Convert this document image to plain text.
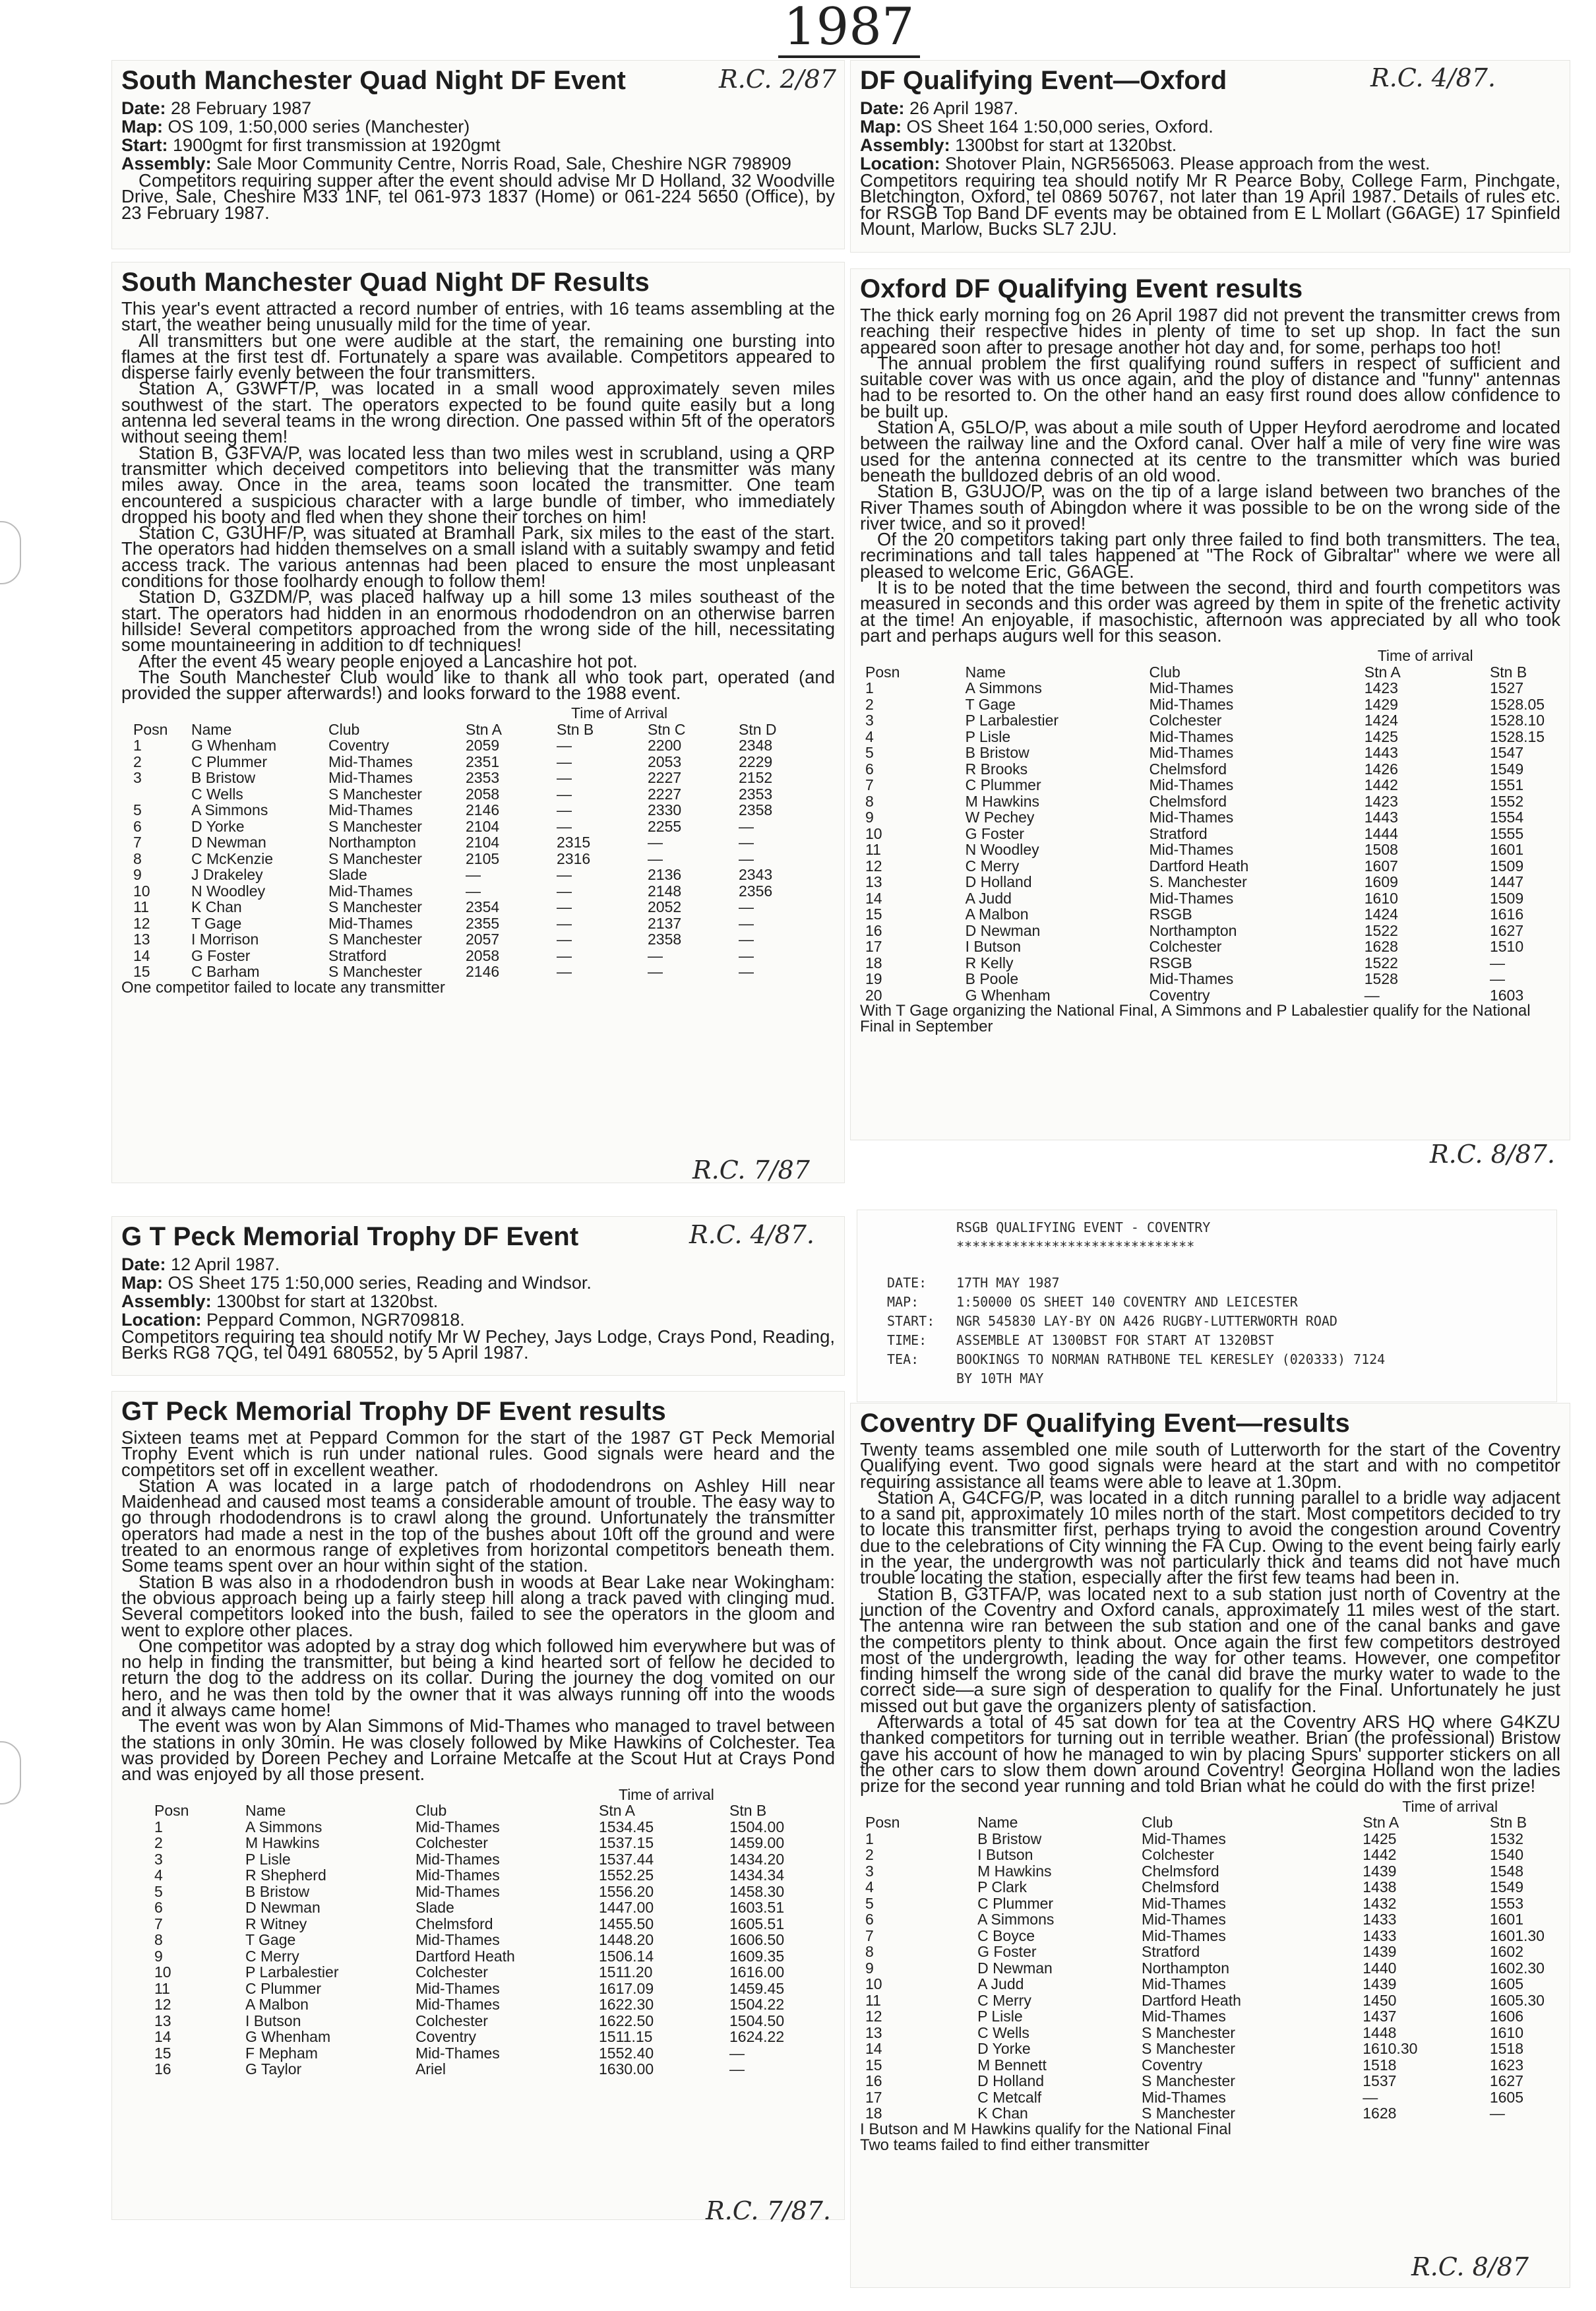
1987
South Manchester Quad Night DF Event
Date: 28 February 1987
Map: OS 109, 1:50,000 series (Manchester)
Start: 1900gmt for first transmission at 1920gmt
Assembly: Sale Moor Community Centre, Norris Road, Sale, Cheshire NGR 798909

Competitors requiring supper after the event should advise Mr D Holland, 32 Woodville Drive, Sale, Cheshire M33 1NF, tel 061-973 1837 (Home) or 061-224 5650 (Office), by 23 February 1987.

R.C. 2/87 DF Qualifying Event—Oxford
Date: 26 April 1987.
Map: OS Sheet 164 1:50,000 series, Oxford.
Assembly: 1300bst for start at 1320bst.
Location: Shotover Plain, NGR565063. Please approach from the west.

Competitors requiring tea should notify Mr R Pearce Boby, College Farm, Pinchgate, Bletchington, Oxford, tel 0869 50767, not later than 19 April 1987. Details of rules etc. for RSGB Top Band DF events may be obtained from E L Mollart (G6AGE) 17 Spinfield Mount, Marlow, Bucks SL7 2JU.

R.C. 4/87.
South Manchester Quad Night DF Results

This year's event attracted a record number of entries, with 16 teams assembling at the start, the weather being unusually mild for the time of year.

All transmitters but one were audible at the start, the remaining one bursting into flames at the first test df. Fortunately a spare was available. Competitors appeared to disperse fairly evenly between the four transmitters.

Station A, G3WFT/P, was located in a small wood approximately seven miles southwest of the start. The operators expected to be found quite easily but a long antenna led several teams in the wrong direction. One passed within 5ft of the operators without seeing them!

Station B, G3FVA/P, was located less than two miles west in scrubland, using a QRP transmitter which deceived competitors into believing that the transmitter was many miles away. Once in the area, teams soon located the transmitter. One team encountered a suspicious character with a large bundle of timber, who immediately dropped his booty and fled when they shone their torches on him!

Station C, G3UHF/P, was situated at Bramhall Park, six miles to the east of the start. The operators had hidden themselves on a small island with a suitably swampy and fetid access track. The various antennas had been placed to ensure the most unpleasant conditions for those foolhardy enough to follow them!

Station D, G3ZDM/P, was placed halfway up a hill some 13 miles southeast of the start. The operators had hidden in an enormous rhododendron on an otherwise barren hillside! Several competitors approached from the wrong side of the hill, necessitating some mountaineering in addition to df techniques!

After the event 45 weary people enjoyed a Lancashire hot pot.

The South Manchester Club would like to thank all who took part, operated (and provided the supper afterwards!) and looks forward to the 1988 event.

			Time of Arrival			
Posn	Name	Club	Stn A	Stn B	Stn C	Stn D
1	G Whenham	Coventry	2059	—	2200	2348
2	C Plummer	Mid-Thames	2351	—	2053	2229
3	B Bristow	Mid-Thames	2353	—	2227	2152
	C Wells	S Manchester	2058	—	2227	2353
5	A Simmons	Mid-Thames	2146	—	2330	2358
6	D Yorke	S Manchester	2104	—	2255	—
7	D Newman	Northampton	2104	2315	—	—
8	C McKenzie	S Manchester	2105	2316	—	—
9	J Drakeley	Slade	—	—	2136	2343
10	N Woodley	Mid-Thames	—	—	2148	2356
11	K Chan	S Manchester	2354	—	2052	—
12	T Gage	Mid-Thames	2355	—	2137	—
13	I Morrison	S Manchester	2057	—	2358	—
14	G Foster	Stratford	2058	—	—	—
15	C Barham	S Manchester	2146	—	—	—
One competitor failed to locate any transmitter
R.C. 7/87
Oxford DF Qualifying Event results

The thick early morning fog on 26 April 1987 did not prevent the transmitter crews from reaching their respective hides in plenty of time to set up shop. In fact the sun appeared soon after to presage another hot day and, for some, perhaps too hot!

The annual problem the first qualifying round suffers in respect of sufficient and suitable cover was with us once again, and the ploy of distance and "funny" antennas had to be resorted to. On the other hand an easy first round does allow confidence to be built up.

Station A, G5LO/P, was about a mile south of Upper Heyford aerodrome and located between the railway line and the Oxford canal. Over half a mile of very fine wire was used for the antenna connected at its centre to the transmitter which was buried beneath the bulldozed debris of an old wood.

Station B, G3UJO/P, was on the tip of a large island between two branches of the River Thames south of Abingdon where it was possible to be on the wrong side of the river twice, and so it proved!

Of the 20 competitors taking part only three failed to find both transmitters. The tea, recriminations and tall tales happened at "The Rock of Gibraltar" where we were all pleased to welcome Eric, G6AGE.

It is to be noted that the time between the second, third and fourth competitors was measured in seconds and this order was agreed by them in spite of the frenetic activity at the time! An enjoyable, if masochistic, afternoon was appreciated by all who took part and perhaps augurs well for this season.

			Time of arrival	
Posn	Name	Club	Stn A	Stn B
1	A Simmons	Mid-Thames	1423	1527
2	T Gage	Mid-Thames	1429	1528.05
3	P Larbalestier	Colchester	1424	1528.10
4	P Lisle	Mid-Thames	1425	1528.15
5	B Bristow	Mid-Thames	1443	1547
6	R Brooks	Chelmsford	1426	1549
7	C Plummer	Mid-Thames	1442	1551
8	M Hawkins	Chelmsford	1423	1552
9	W Pechey	Mid-Thames	1443	1554
10	G Foster	Stratford	1444	1555
11	N Woodley	Mid-Thames	1508	1601
12	C Merry	Dartford Heath	1607	1509
13	D Holland	S. Manchester	1609	1447
14	A Judd	Mid-Thames	1610	1509
15	A Malbon	RSGB	1424	1616
16	D Newman	Northampton	1522	1627
17	I Butson	Colchester	1628	1510
18	R Kelly	RSGB	1522	—
19	B Poole	Mid-Thames	1528	—
20	G Whenham	Coventry	—	1603
With T Gage organizing the National Final, A Simmons and P Labalestier qualify for the National Final in September
R.C. 8/87.
G T Peck Memorial Trophy DF Event
Date: 12 April 1987.
Map: OS Sheet 175 1:50,000 series, Reading and Windsor.
Assembly: 1300bst for start at 1320bst.
Location: Peppard Common, NGR709818.

Competitors requiring tea should notify Mr W Pechey, Jays Lodge, Crays Pond, Reading, Berks RG8 7QG, tel 0491 680552, by 5 April 1987.

R.C. 4/87.	RSGB QUALIFYING EVENT - COVENTRY
******************************
DATE: 17TH MAY 1987
MAP:	1:50000 OS SHEET 140 COVENTRY AND LEICESTER
START: NGR 545830 LAY-BY ON A426 RUGBY-LUTTERWORTH ROAD
TIME: ASSEMBLE AT 1300BST FOR START AT 1320BST
TEA:	BOOKINGS TO NORMAN RATHBONE TEL KERESLEY (020333) 7124
BY 10TH MAY
GT Peck Memorial Trophy DF Event results

Sixteen teams met at Peppard Common for the start of the 1987 GT Peck Memorial Trophy Event which is run under national rules. Good signals were heard and the competitors set off in excellent weather.

Station A was located in a large patch of rhododendrons on Ashley Hill near Maidenhead and caused most teams a considerable amount of trouble. The easy way to go through rhododendrons is to crawl along the ground. Unfortunately the transmitter operators had made a nest in the top of the bushes about 10ft off the ground and were treated to an enormous range of expletives from horizontal competitors beneath them. Some teams spent over an hour within sight of the station.

Station B was also in a rhododendron bush in woods at Bear Lake near Wokingham: the obvious approach being up a fairly steep hill along a track paved with clinging mud. Several competitors looked into the bush, failed to see the operators in the gloom and went to explore other places.

One competitor was adopted by a stray dog which followed him everywhere but was of no help in finding the transmitter, but being a kind hearted sort of fellow he decided to return the dog to the address on its collar. During the journey the dog vomited on our hero, and he was then told by the owner that it was always running off into the woods and it always came home!

The event was won by Alan Simmons of Mid-Thames who managed to travel between the stations in only 30min. He was closely followed by Mike Hawkins of Colchester. Tea was provided by Doreen Pechey and Lorraine Metcalfe at the Scout Hut at Crays Pond and was enjoyed by all those present.

			Time of arrival	
Posn	Name	Club	Stn A	Stn B
1	A Simmons	Mid-Thames	1534.45	1504.00
2	M Hawkins	Colchester	1537.15	1459.00
3	P Lisle	Mid-Thames	1537.44	1434.20
4	R Shepherd	Mid-Thames	1552.25	1434.34
5	B Bristow	Mid-Thames	1556.20	1458.30
6	D Newman	Slade	1447.00	1603.51
7	R Witney	Chelmsford	1455.50	1605.51
8	T Gage	Mid-Thames	1448.20	1606.50
9	C Merry	Dartford Heath	1506.14	1609.35
10	P Larbalestier	Colchester	1511.20	1616.00
11	C Plummer	Mid-Thames	1617.09	1459.45
12	A Malbon	Mid-Thames	1622.30	1504.22
13	I Butson	Colchester	1622.50	1504.50
14	G Whenham	Coventry	1511.15	1624.22
15	F Mepham	Mid-Thames	1552.40	—
16	G Taylor	Ariel	1630.00	—
R.C. 7/87.
Coventry DF Qualifying Event—results

Twenty teams assembled one mile south of Lutterworth for the start of the Coventry Qualifying event. Two good signals were heard at the start and with no competitor requiring assistance all teams were able to leave at 1.30pm.

Station A, G4CFG/P, was located in a ditch running parallel to a bridle way adjacent to a sand pit, approximately 10 miles north of the start. Most competitors decided to try to locate this transmitter first, perhaps trying to avoid the congestion around Coventry due to the celebrations of City winning the FA Cup. Owing to the event being fairly early in the year, the undergrowth was not particularly thick and teams did not have much trouble locating the station, especially after the first few teams had been in.

Station B, G3TFA/P, was located next to a sub station just north of Coventry at the junction of the Coventry and Oxford canals, approximately 11 miles west of the start. The antenna wire ran between the sub station and one of the canal banks and gave the competitors plenty to think about. Once again the first few competitors destroyed most of the undergrowth, leading the way for other teams. However, one competitor finding himself the wrong side of the canal did brave the murky water to wade to the correct side—a sure sign of desperation to qualify for the Final. Unfortunately he just missed out but gave the organizers plenty of satisfaction.

Afterwards a total of 45 sat down for tea at the Coventry ARS HQ where G4KZU thanked competitors for turning out in terrible weather. Brian (the professional) Bristow gave his account of how he managed to win by placing Spurs' supporter stickers on all the other cars to slow them down around Coventry! Georgina Holland won the ladies prize for the second year running and told Brian what he could do with the first prize!

			Time of arrival	
Posn	Name	Club	Stn A	Stn B
1	B Bristow	Mid-Thames	1425	1532
2	I Butson	Colchester	1442	1540
3	M Hawkins	Chelmsford	1439	1548
4	P Clark	Chelmsford	1438	1549
5	C Plummer	Mid-Thames	1432	1553
6	A Simmons	Mid-Thames	1433	1601
7	C Boyce	Mid-Thames	1433	1601.30
8	G Foster	Stratford	1439	1602
9	D Newman	Northampton	1440	1602.30
10	A Judd	Mid-Thames	1439	1605
11	C Merry	Dartford Heath	1450	1605.30
12	P Lisle	Mid-Thames	1437	1606
13	C Wells	S Manchester	1448	1610
14	D Yorke	S Manchester	1610.30	1518
15	M Bennett	Coventry	1518	1623
16	D Holland	S Manchester	1537	1627
17	C Metcalf	Mid-Thames	—	1605
18	K Chan	S Manchester	1628	—
I Butson and M Hawkins qualify for the National Final
Two teams failed to find either transmitter
R.C. 8/87
